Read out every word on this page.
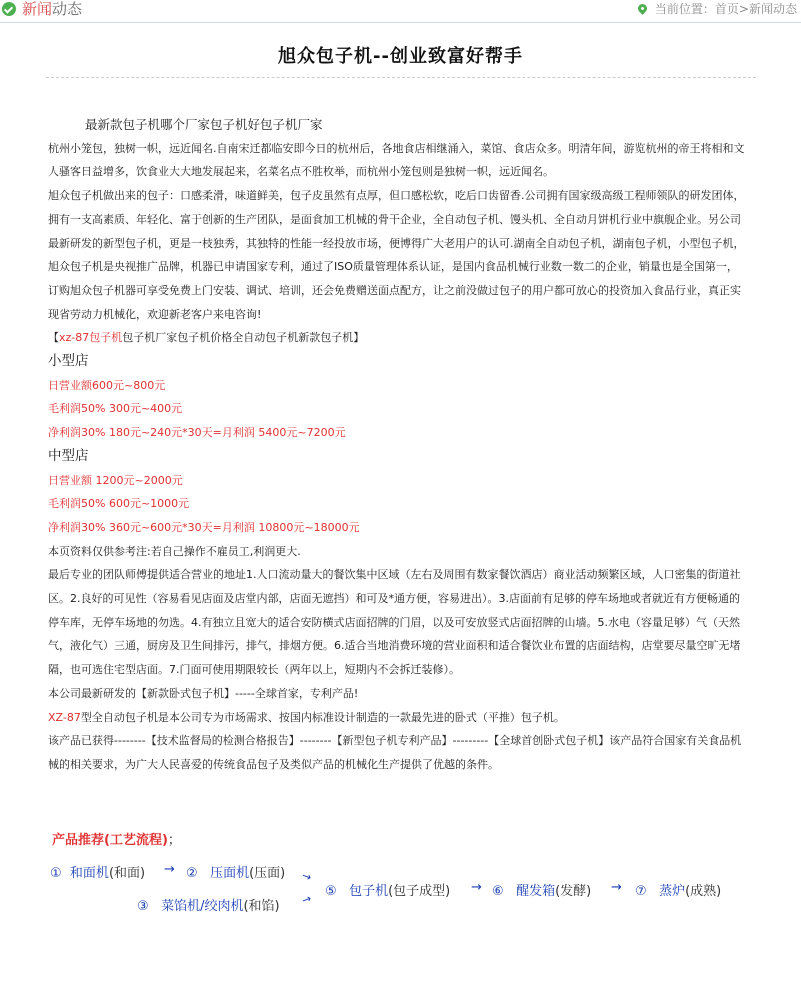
新闻动态	当前位置：首页>新闻动态
旭众包子机--创业致富好帮手

最新款包子机哪个厂家包子机好包子机厂家

杭州小笼包，独树一帜，远近闻名.自南宋迁都临安即今日的杭州后，各地食店相继涌入，菜馆、食店众多。明清年间，游览杭州的帝王将相和文人骚客日益增多，饮食业大大地发展起来，名菜名点不胜枚举，而杭州小笼包则是独树一帜，远近闻名。

旭众包子机做出来的包子：口感柔滑，味道鲜美，包子皮虽然有点厚，但口感松软，吃后口齿留香.公司拥有国家级高级工程师领队的研发团体，拥有一支高素质、年轻化、富于创新的生产团队，是面食加工机械的骨干企业，全自动包子机、馒头机、全自动月饼机行业中旗舰企业。另公司最新研发的新型包子机，更是一枝独秀，其独特的性能一经投放市场，便博得广大老用户的认可.湖南全自动包子机，湖南包子机，小型包子机，旭众包子机是央视推广品牌，机器已申请国家专利，通过了ISO质量管理体系认证，是国内食品机械行业数一数二的企业，销量也是全国第一，订购旭众包子机器可享受免费上门安装、调试、培训，还会免费赠送面点配方，让之前没做过包子的用户都可放心的投资加入食品行业，真正实现省劳动力机械化，欢迎新老客户来电咨询!

【xz-87包子机包子机厂家包子机价格全自动包子机新款包子机】

小型店

日营业额600元~800元

毛利润50% 300元~400元

净利润30% 180元~240元*30天=月利润 5400元~7200元

中型店

日营业额 1200元~2000元

毛利润50% 600元~1000元

净利润30% 360元~600元*30天=月利润 10800元~18000元

本页资料仅供参考注:若自己操作不雇员工,利润更大.

最后专业的团队师傅提供适合营业的地址1.人口流动量大的餐饮集中区域（左右及周围有数家餐饮酒店）商业活动频繁区域，人口密集的街道社区。2.良好的可见性（容易看见店面及店堂内部，店面无遮挡）和可及*通方便，容易进出）。3.店面前有足够的停车场地或者就近有方便畅通的停车库，无停车场地的勿选。4.有独立且宽大的适合安防横式店面招牌的门眉，以及可安放竖式店面招牌的山墙。5.水电（容量足够）气（天然气，液化气）三通，厨房及卫生间排污，排气，排烟方便。6.适合当地消费环境的营业面积和适合餐饮业布置的店面结构，店堂要尽量空旷无堵隔，也可选住宅型店面。7.门面可使用期限较长（两年以上，短期内不会拆迁装修）。

本公司最新研发的【新款卧式包子机】-----全球首家，专利产品!

XZ-87型全自动包子机是本公司专为市场需求、按国内标准设计制造的一款最先进的卧式（平推）包子机。

该产品已获得--------【技术监督局的检测合格报告】--------【新型包子机专利产品】---------【全球首创卧式包子机】该产品符合国家有关食品机械的相关要求，为广大人民喜爱的传统食品包子及类似产品的机械化生产提供了优越的条件。

产品推荐(工艺流程)；
① 和面机(和面) → ② 压面机(压面) →
③ 菜馅机/绞肉机(和馅) →
⑤ 包子机(包子成型) → ⑥ 醒发箱(发酵) → ⑦ 蒸炉(成熟)
